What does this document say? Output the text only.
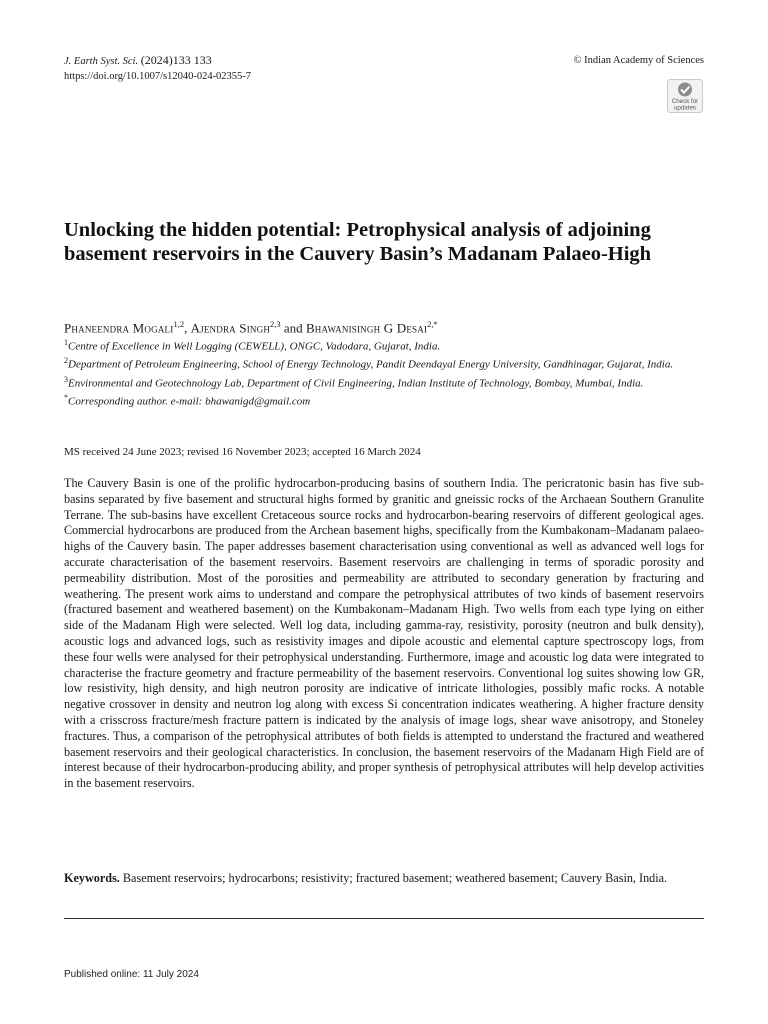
J. Earth Syst. Sci. (2024)133 133
https://doi.org/10.1007/s12040-024-02355-7
© Indian Academy of Sciences
Check for
updates
Unlocking the hidden potential: Petrophysical analysis of adjoining basement reservoirs in the Cauvery Basin’s Madanam Palaeo-High
Phaneendra Mogali$^{1,2}$, Ajendra Singh$^{2,3}$ and Bhawanisingh G Desai$^{2,*}$

$^1$Centre of Excellence in Well Logging (CEWELL), ONGC, Vadodara, Gujarat, India.

$^2$Department of Petroleum Engineering, School of Energy Technology, Pandit Deendayal Energy University, Gandhinagar, Gujarat, India.

$^3$Environmental and Geotechnology Lab, Department of Civil Engineering, Indian Institute of Technology, Bombay, Mumbai, India.

*Corresponding author. e-mail: bhawanigd@gmail.com

MS received 24 June 2023; revised 16 November 2023; accepted 16 March 2024

The Cauvery Basin is one of the prolific hydrocarbon-producing basins of southern India. The pericratonic basin has five sub-basins separated by five basement and structural highs formed by granitic and gneissic rocks of the Archaean Southern Granulite Terrane. The sub-basins have excellent Cretaceous source rocks and hydrocarbon-bearing reservoirs of different geological ages. Commercial hydrocarbons are produced from the Archean basement highs, specifically from the Kumbakonam–Madanam palaeo-highs of the Cauvery basin. The paper addresses basement characterisation using conventional as well as advanced well logs for accurate characterisation of the basement reservoirs. Basement reservoirs are challenging in terms of sporadic porosity and permeability distribution. Most of the porosities and permeability are attributed to secondary generation by fracturing and weathering. The present work aims to understand and compare the petrophysical attributes of two kinds of basement reservoirs (fractured basement and weathered basement) on the Kumbakonam–Madanam High. Two wells from each type lying on either side of the Madanam High were selected. Well log data, including gamma-ray, resistivity, porosity (neutron and bulk density), acoustic logs and advanced logs, such as resistivity images and dipole acoustic and elemental capture spectroscopy logs, from these four wells were analysed for their petrophysical understanding. Furthermore, image and acoustic log data were integrated to characterise the fracture geometry and fracture permeability of the basement reservoirs. Conventional log suites showing low GR, low resistivity, high density, and high neutron porosity are indicative of intricate lithologies, possibly mafic rocks. A notable negative crossover in density and neutron log along with excess Si concentration indicates weathering. A higher fracture density with a crisscross fracture/mesh fracture pattern is indicated by the analysis of image logs, shear wave anisotropy, and Stoneley fractures. Thus, a comparison of the petrophysical attributes of both fields is attempted to understand the fractured and weathered basement reservoirs and their geological characteristics. In conclusion, the basement reservoirs of the Madanam High Field are of interest because of their hydrocarbon-producing ability, and proper synthesis of petrophysical attributes will help develop activities in the basement reservoirs.

Keywords. Basement reservoirs; hydrocarbons; resistivity; fractured basement; weathered basement; Cauvery Basin, India.

Published online: 11 July 2024
